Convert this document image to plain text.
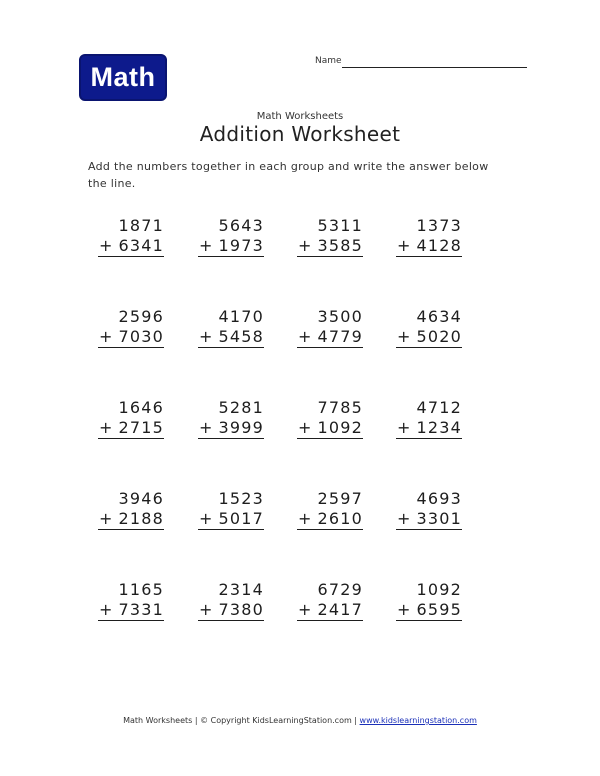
Math
Name
Math Worksheets
Addition Worksheet
Add the numbers together in each group and write the answer below the line.
1871
+ 6341
5643
+ 1973
5311
+ 3585
1373
+ 4128
2596
+ 7030
4170
+ 5458
3500
+ 4779
4634
+ 5020
1646
+ 2715
5281
+ 3999
7785
+ 1092
4712
+ 1234
3946
+ 2188
1523
+ 5017
2597
+ 2610
4693
+ 3301
1165
+ 7331
2314
+ 7380
6729
+ 2417
1092
+ 6595
Math Worksheets | © Copyright KidsLearningStation.com | www.kidslearningstation.com
